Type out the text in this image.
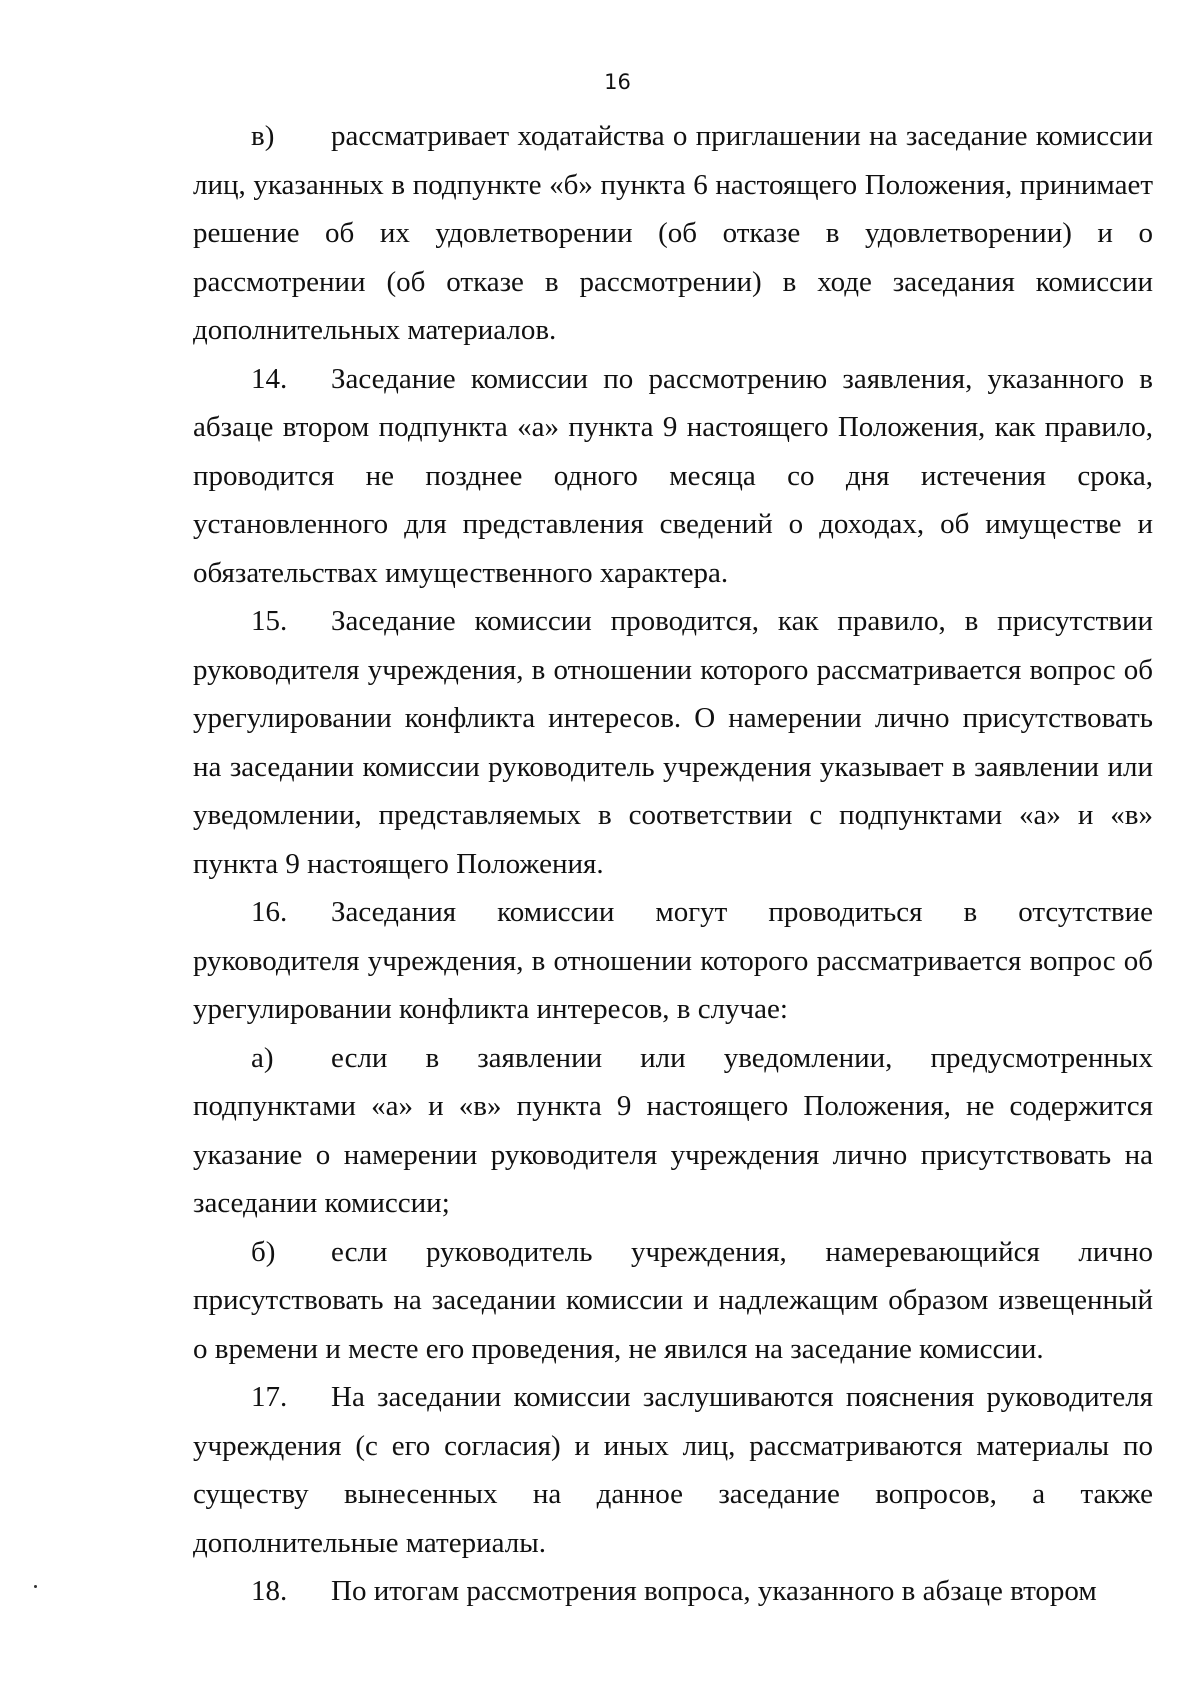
16

в) рассматривает ходатайства о приглашении на заседание комиссии лиц, указанных в подпункте «б» пункта 6 настоящего Положения, принимает решение об их удовлетворении (об отказе в удовлетворении) и о рассмотрении (об отказе в рассмотрении) в ходе заседания комиссии дополнительных материалов.

14. Заседание комиссии по рассмотрению заявления, указанного в абзаце втором подпункта «а» пункта 9 настоящего Положения, как правило, проводится не позднее одного месяца со дня истечения срока, установленного для представления сведений о доходах, об имуществе и обязательствах имущественного характера.

15. Заседание комиссии проводится, как правило, в присутствии руководителя учреждения, в отношении которого рассматривается вопрос об урегулировании конфликта интересов. О намерении лично присутствовать на заседании комиссии руководитель учреждения указывает в заявлении или уведомлении, представляемых в соответствии с подпунктами «а» и «в» пункта 9 настоящего Положения.

16. Заседания комиссии могут проводиться в отсутствие руководителя учреждения, в отношении которого рассматривается вопрос об урегулировании конфликта интересов, в случае:

а) если в заявлении или уведомлении, предусмотренных подпунктами «а» и «в» пункта 9 настоящего Положения, не содержится указание о намерении руководителя учреждения лично присутствовать на заседании комиссии;

б) если руководитель учреждения, намеревающийся лично присутствовать на заседании комиссии и надлежащим образом извещенный о времени и месте его проведения, не явился на заседание комиссии.

17. На заседании комиссии заслушиваются пояснения руководителя учреждения (с его согласия) и иных лиц, рассматриваются материалы по существу вынесенных на данное заседание вопросов, а также дополнительные материалы.

18. По итогам рассмотрения вопроса, указанного в абзаце втором
